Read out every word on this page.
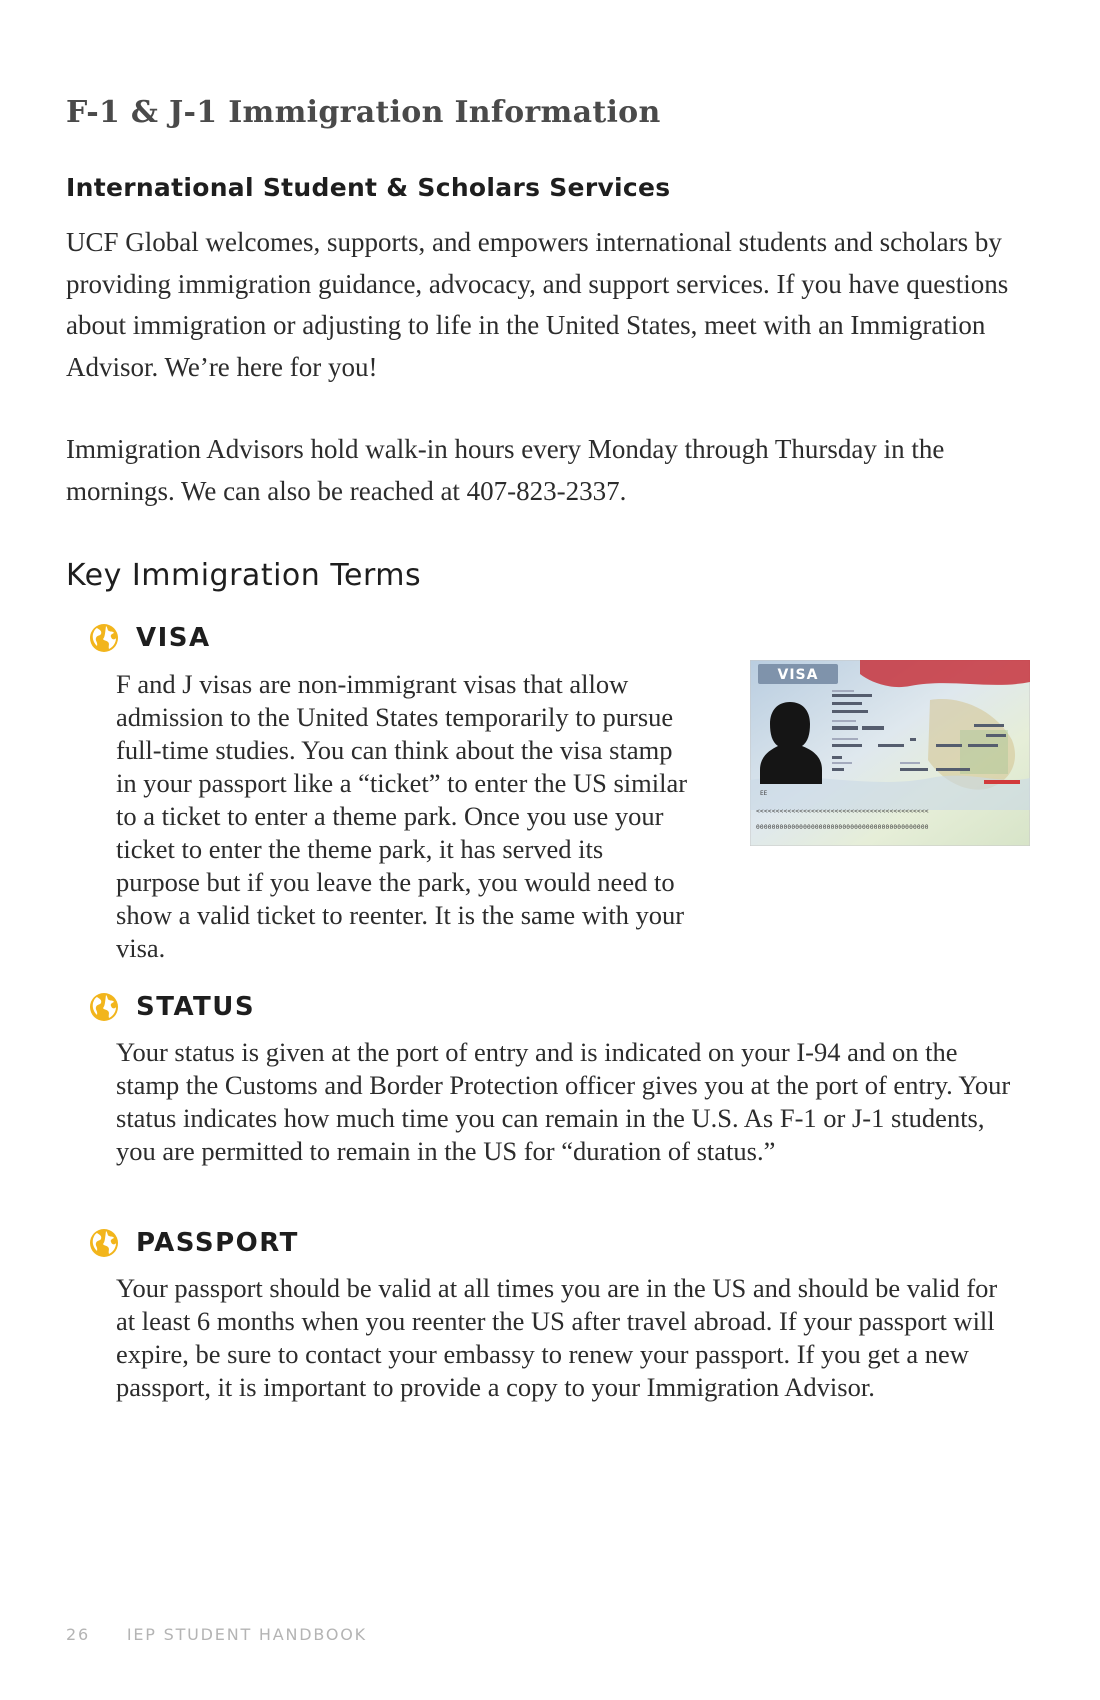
F-1 & J-1 Immigration Information
International Student & Scholars Services

UCF Global welcomes, supports, and empowers international students and scholars by providing immigration guidance, advocacy, and support services. If you have questions about immigration or adjusting to life in the United States, meet with an Immigration Advisor. We’re here for you!

Immigration Advisors hold walk-in hours every Monday through Thursday in the mornings. We can also be reached at 407-823-2337.

Key Immigration Terms
VISA

F and J visas are non-immigrant visas that allow admission to the United States temporarily to pursue full-time studies. You can think about the visa stamp in your passport like a “ticket” to enter the US similar to a ticket to enter a theme park. Once you use your ticket to enter the theme park, it has served its purpose but if you leave the park, you would need to show a valid ticket to reenter. It is the same with your visa.

VISA
ЕЕ
<<<<<<<<<<<<<<<<<<<<<<<<<<<<<<<<<<<<<<<<<<<<
00000000000000000000000000000000000000000000
STATUS

Your status is given at the port of entry and is indicated on your I-94 and on the stamp the Customs and Border Protection officer gives you at the port of entry. Your status indicates how much time you can remain in the U.S. As F-1 or J-1 students, you are permitted to remain in the US for “duration of status.”

PASSPORT

Your passport should be valid at all times you are in the US and should be valid for at least 6 months when you reenter the US after travel abroad. If your passport will expire, be sure to contact your embassy to renew your passport. If you get a new passport, it is important to provide a copy to your Immigration Advisor.

26 IEP STUDENT HANDBOOK
